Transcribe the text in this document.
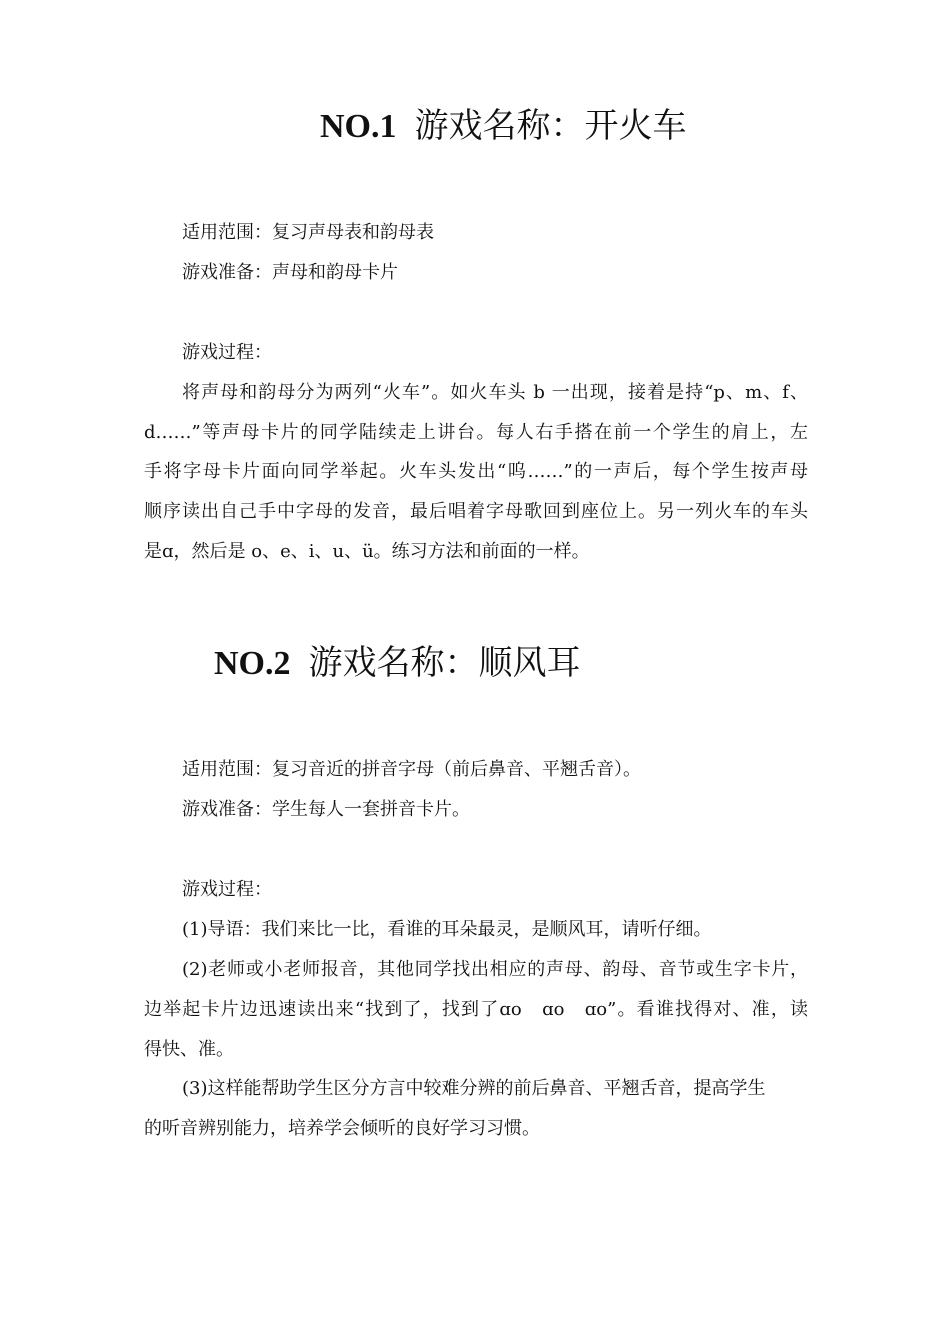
NO.1 游戏名称：开火车

适用范围：复习声母表和韵母表

游戏准备：声母和韵母卡片

游戏过程：

将声母和韵母分为两列“火车”。如火车头 b 一出现，接着是持“p、m、f、

d……”等声母卡片的同学陆续走上讲台。每人右手搭在前一个学生的肩上，左

手将字母卡片面向同学举起。火车头发出“呜……”的一声后，每个学生按声母

顺序读出自己手中字母的发音，最后唱着字母歌回到座位上。另一列火车的车头

是ɑ，然后是 o、e、i、u、ü。练习方法和前面的一样。

NO.2 游戏名称：顺风耳

适用范围：复习音近的拼音字母（前后鼻音、平翘舌音）。

游戏准备：学生每人一套拼音卡片。

游戏过程：

(1)导语：我们来比一比，看谁的耳朵最灵，是顺风耳，请听仔细。

(2)老师或小老师报音，其他同学找出相应的声母、韵母、音节或生字卡片，

边举起卡片边迅速读出来“找到了，找到了ɑo　ɑo　ɑo”。看谁找得对、准，读

得快、准。

(3)这样能帮助学生区分方言中较难分辨的前后鼻音、平翘舌音，提高学生

的听音辨别能力，培养学会倾听的良好学习习惯。
